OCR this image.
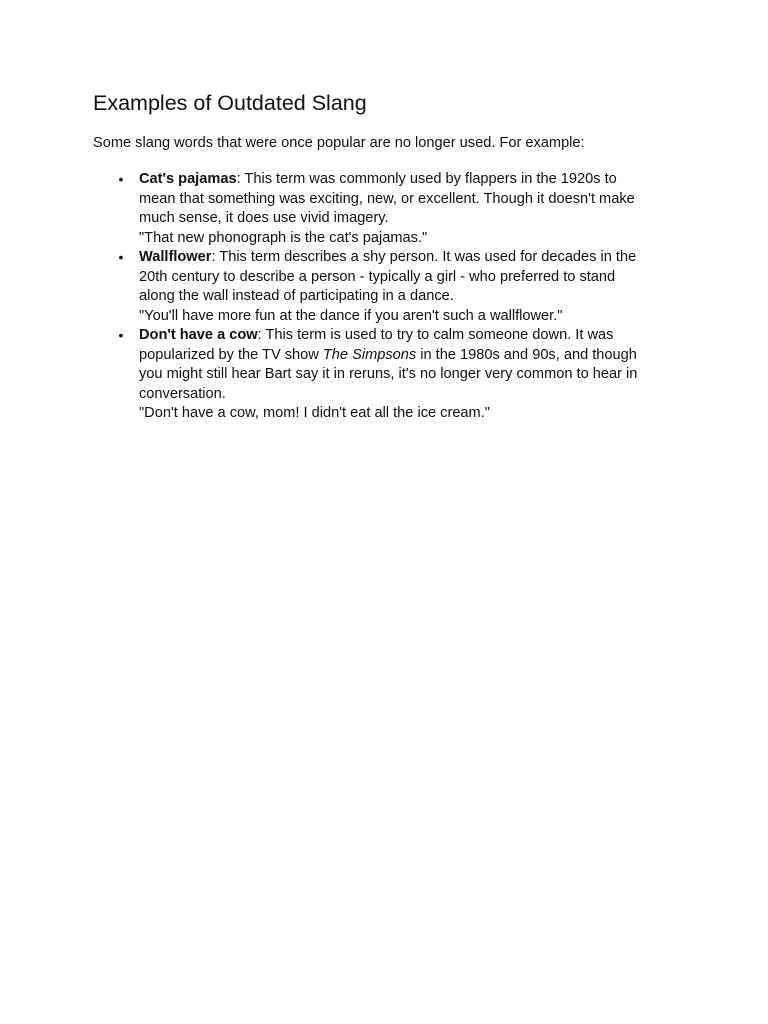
Examples of Outdated Slang

Some slang words that were once popular are no longer used. For example:

• Cat's pajamas: This term was commonly used by flappers in the 1920s to
mean that something was exciting, new, or excellent. Though it doesn't make
much sense, it does use vivid imagery.
"That new phonograph is the cat's pajamas."
• Wallflower: This term describes a shy person. It was used for decades in the
20th century to describe a person - typically a girl - who preferred to stand
along the wall instead of participating in a dance.
"You'll have more fun at the dance if you aren't such a wallflower."
• Don't have a cow: This term is used to try to calm someone down. It was
popularized by the TV show The Simpsons in the 1980s and 90s, and though
you might still hear Bart say it in reruns, it's no longer very common to hear in
conversation.
"Don't have a cow, mom! I didn't eat all the ice cream."
